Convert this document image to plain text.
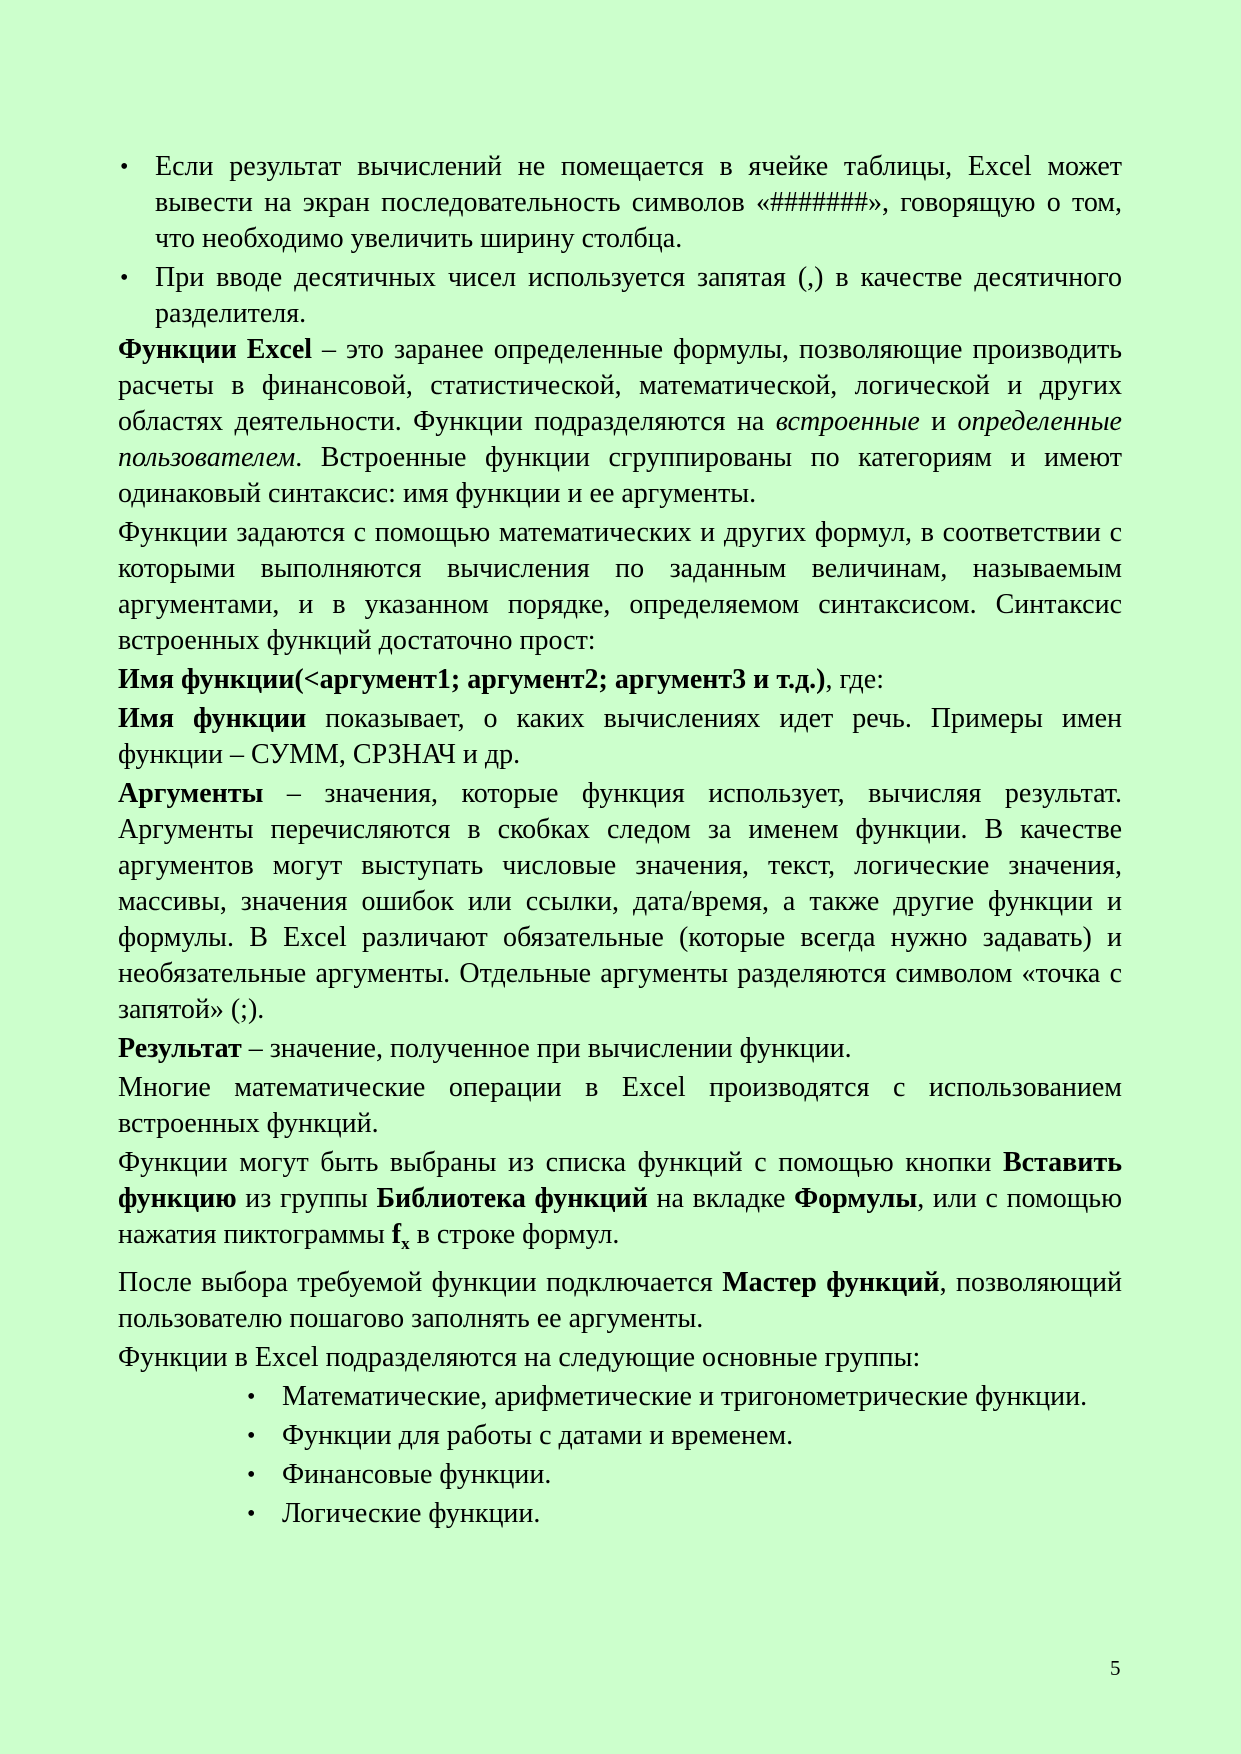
• Если результат вычислений не помещается в ячейке таблицы, Excel может вывести на экран последовательность символов «#######», говорящую о том, что необходимо увеличить ширину столбца.
• При вводе десятичных чисел используется запятая (,) в качестве десятичного разделителя.

Функции Excel – это заранее определенные формулы, позволяющие производить расчеты в финансовой, статистической, математической, логической и других областях деятельности. Функции подразделяются на встроенные и определенные пользователем. Встроенные функции сгруппированы по категориям и имеют одинаковый синтаксис: имя функции и ее аргументы.

Функции задаются с помощью математических и других формул, в соответствии с которыми выполняются вычисления по заданным величинам, называемым аргументами, и в указанном порядке, определяемом синтаксисом. Синтаксис встроенных функций достаточно прост:

Имя функции(<аргумент1; аргумент2; аргумент3 и т.д.), где:

Имя функции показывает, о каких вычислениях идет речь. Примеры имен функции – СУММ, СРЗНАЧ и др.

Аргументы – значения, которые функция использует, вычисляя результат. Аргументы перечисляются в скобках следом за именем функции. В качестве аргументов могут выступать числовые значения, текст, логические значения, массивы, значения ошибок или ссылки, дата/время, а также другие функции и формулы. В Excel различают обязательные (которые всегда нужно задавать) и необязательные аргументы. Отдельные аргументы разделяются символом «точка с запятой» (;).

Результат – значение, полученное при вычислении функции.

Многие математические операции в Excel производятся с использованием встроенных функций.

Функции могут быть выбраны из списка функций с помощью кнопки Вставить функцию из группы Библиотека функций на вкладке Формулы, или с помощью нажатия пиктограммы $f_x$ в строке формул.

После выбора требуемой функции подключается Мастер функций, позволяющий пользователю пошагово заполнять ее аргументы.

Функции в Excel подразделяются на следующие основные группы:

• Математические, арифметические и тригонометрические функции.
• Функции для работы с датами и временем.
• Финансовые функции.
• Логические функции.
5
